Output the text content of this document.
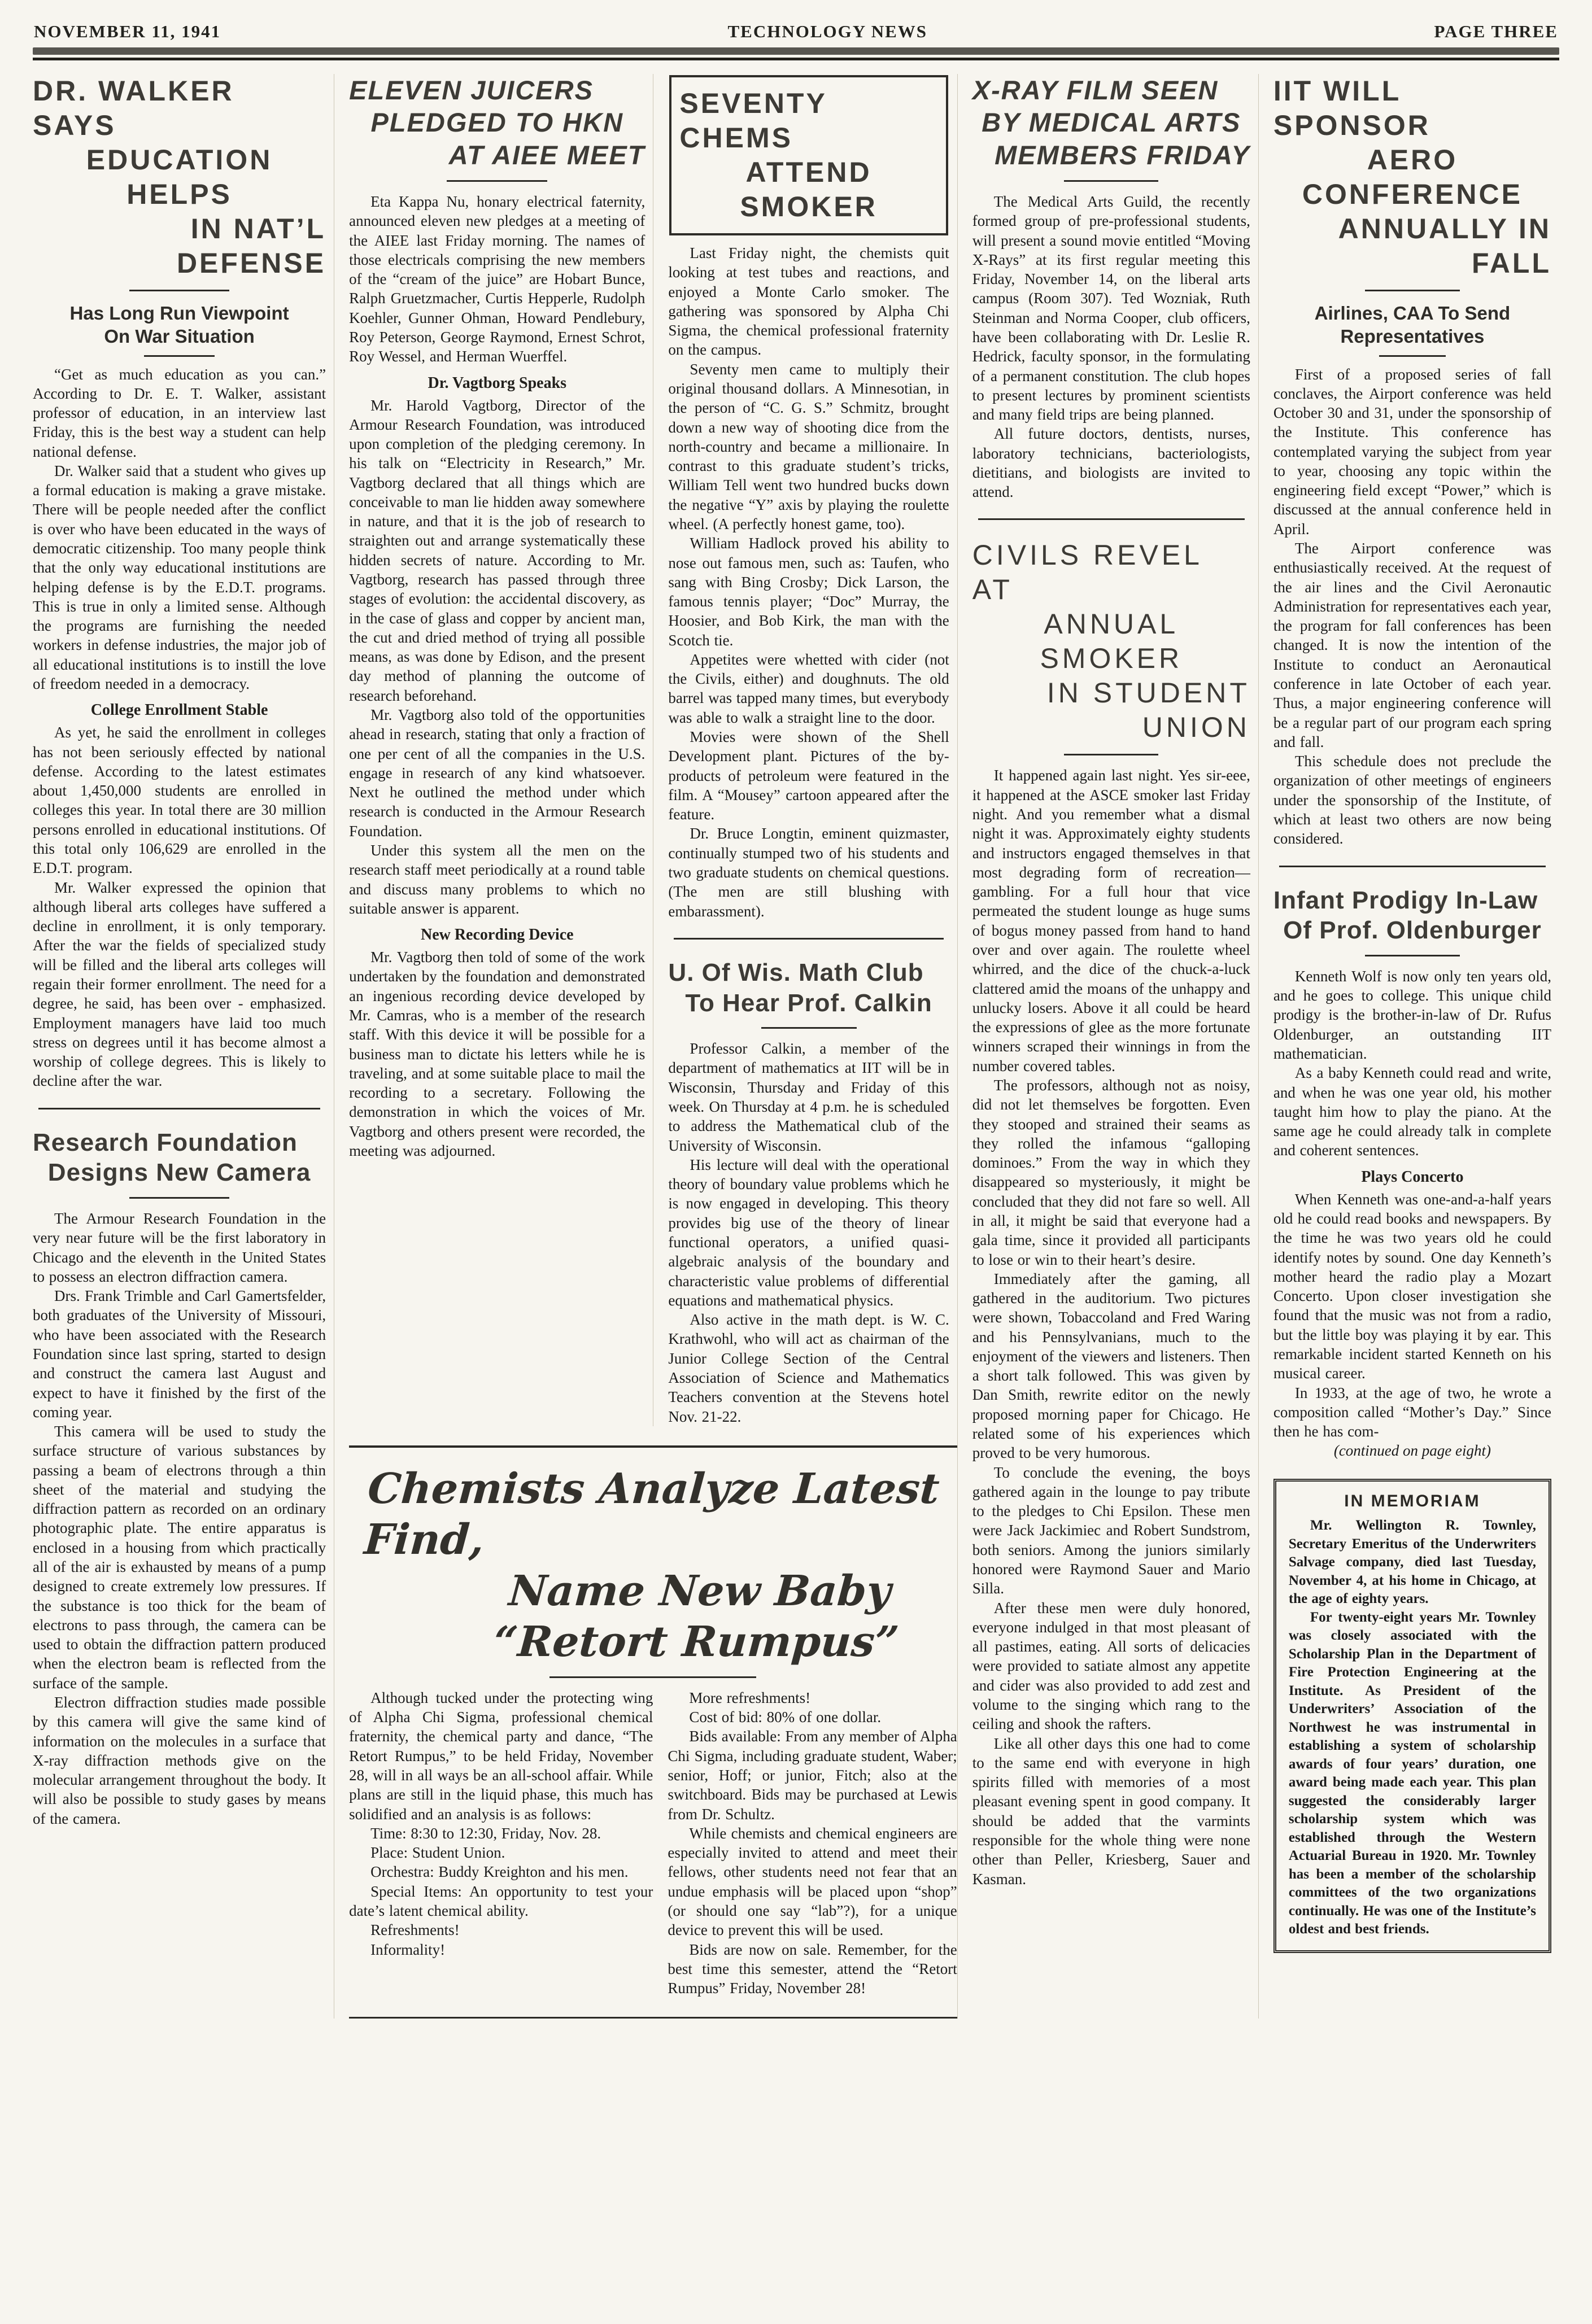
NOVEMBER 11, 1941	TECHNOLOGY NEWS	PAGE THREE
DR. WALKER SAYS
EDUCATION HELPS
IN NAT’L DEFENSE
Has Long Run Viewpoint
On War Situation

“Get as much education as you can.” According to Dr. E. T. Walker, assistant professor of education, in an interview last Friday, this is the best way a student can help national defense.

Dr. Walker said that a student who gives up a formal education is making a grave mistake. There will be people needed after the conflict is over who have been educated in the ways of democratic citizenship. Too many people think that the only way educational institutions are helping defense is by the E.D.T. programs. This is true in only a limited sense. Although the programs are furnishing the needed workers in defense industries, the major job of all educational institutions is to instill the love of freedom needed in a democracy.

College Enrollment Stable

As yet, he said the enrollment in colleges has not been seriously effected by national defense. According to the latest estimates about 1,450,000 students are enrolled in colleges this year. In total there are 30 million persons enrolled in educational institutions. Of this total only 106,629 are enrolled in the E.D.T. program.

Mr. Walker expressed the opinion that although liberal arts colleges have suffered a decline in enrollment, it is only temporary. After the war the fields of specialized study will be filled and the liberal arts colleges will regain their former enrollment. The need for a degree, he said, has been over - emphasized. Employment managers have laid too much stress on degrees until it has become almost a worship of college degrees. This is likely to decline after the war.

Research Foundation
Designs New Camera

The Armour Research Foundation in the very near future will be the first laboratory in Chicago and the eleventh in the United States to possess an electron diffraction camera.

Drs. Frank Trimble and Carl Gamertsfelder, both graduates of the University of Missouri, who have been associated with the Research Foundation since last spring, started to design and construct the camera last August and expect to have it finished by the first of the coming year.

This camera will be used to study the surface structure of various substances by passing a beam of electrons through a thin sheet of the material and studying the diffraction pattern as recorded on an ordinary photographic plate. The entire apparatus is enclosed in a housing from which practically all of the air is exhausted by means of a pump designed to create extremely low pressures. If the substance is too thick for the beam of electrons to pass through, the camera can be used to obtain the diffraction pattern produced when the electron beam is reflected from the surface of the sample.

Electron diffraction studies made possible by this camera will give the same kind of information on the molecules in a surface that X-ray diffraction methods give on the molecular arrangement throughout the body. It will also be possible to study gases by means of the camera.

ELEVEN JUICERS
PLEDGED TO HKN
AT AIEE MEET

Eta Kappa Nu, honary electrical faternity, announced eleven new pledges at a meeting of the AIEE last Friday morning. The names of those electricals comprising the new members of the “cream of the juice” are Hobart Bunce, Ralph Gruetzmacher, Curtis Hepperle, Rudolph Koehler, Gunner Ohman, Howard Pendlebury, Roy Peterson, George Raymond, Ernest Schrot, Roy Wessel, and Herman Wuerffel.

Dr. Vagtborg Speaks

Mr. Harold Vagtborg, Director of the Armour Research Foundation, was introduced upon completion of the pledging ceremony. In his talk on “Electricity in Research,” Mr. Vagtborg declared that all things which are conceivable to man lie hidden away somewhere in nature, and that it is the job of research to straighten out and arrange systematically these hidden secrets of nature. According to Mr. Vagtborg, research has passed through three stages of evolution: the accidental discovery, as in the case of glass and copper by ancient man, the cut and dried method of trying all possible means, as was done by Edison, and the present day method of planning the outcome of research beforehand.

Mr. Vagtborg also told of the opportunities ahead in research, stating that only a fraction of one per cent of all the companies in the U.S. engage in research of any kind whatsoever. Next he outlined the method under which research is conducted in the Armour Research Foundation.

Under this system all the men on the research staff meet periodically at a round table and discuss many problems to which no suitable answer is apparent.

New Recording Device

Mr. Vagtborg then told of some of the work undertaken by the foundation and demonstrated an ingenious recording device developed by Mr. Camras, who is a member of the research staff. With this device it will be possible for a business man to dictate his letters while he is traveling, and at some suitable place to mail the recording to a secretary. Following the demonstration in which the voices of Mr. Vagtborg and others present were recorded, the meeting was adjourned.

SEVENTY CHEMS
ATTEND SMOKER

Last Friday night, the chemists quit looking at test tubes and reactions, and enjoyed a Monte Carlo smoker. The gathering was sponsored by Alpha Chi Sigma, the chemical professional fraternity on the campus.

Seventy men came to multiply their original thousand dollars. A Minnesotian, in the person of “C. G. S.” Schmitz, brought down a new way of shooting dice from the north-country and became a millionaire. In contrast to this graduate student’s tricks, William Tell went two hundred bucks down the negative “Y” axis by playing the roulette wheel. (A perfectly honest game, too).

William Hadlock proved his ability to nose out famous men, such as: Taufen, who sang with Bing Crosby; Dick Larson, the famous tennis player; “Doc” Murray, the Hoosier, and Bob Kirk, the man with the Scotch tie.

Appetites were whetted with cider (not the Civils, either) and doughnuts. The old barrel was tapped many times, but everybody was able to walk a straight line to the door.

Movies were shown of the Shell Development plant. Pictures of the by-products of petroleum were featured in the film. A “Mousey” cartoon appeared after the feature.

Dr. Bruce Longtin, eminent quizmaster, continually stumped two of his students and two graduate students on chemical questions. (The men are still blushing with embarassment).

U. Of Wis. Math Club
To Hear Prof. Calkin

Professor Calkin, a member of the department of mathematics at IIT will be in Wisconsin, Thursday and Friday of this week. On Thursday at 4 p.m. he is scheduled to address the Mathematical club of the University of Wisconsin.

His lecture will deal with the operational theory of boundary value problems which he is now engaged in developing. This theory provides big use of the theory of linear functional operators, a unified quasi-algebraic analysis of the boundary and characteristic value problems of differential equations and mathematical physics.

Also active in the math dept. is W. C. Krathwohl, who will act as chairman of the Junior College Section of the Central Association of Science and Mathematics Teachers convention at the Stevens hotel Nov. 21-22.

Chemists Analyze Latest Find,
Name New Baby “Retort Rumpus”

Although tucked under the protecting wing of Alpha Chi Sigma, professional chemical fraternity, the chemical party and dance, “The Retort Rumpus,” to be held Friday, November 28, will in all ways be an all-school affair. While plans are still in the liquid phase, this much has solidified and an analysis is as follows:

Time: 8:30 to 12:30, Friday, Nov. 28.

Place: Student Union.

Orchestra: Buddy Kreighton and his men.

Special Items: An opportunity to test your date’s latent chemical ability.

Refreshments!

Informality!

More refreshments!

Cost of bid: 80% of one dollar.

Bids available: From any member of Alpha Chi Sigma, including graduate student, Waber; senior, Hoff; or junior, Fitch; also at the switchboard. Bids may be purchased at Lewis from Dr. Schultz.

While chemists and chemical engineers are especially invited to attend and meet their fellows, other students need not fear that an undue emphasis will be placed upon “shop” (or should one say “lab”?), for a unique device to prevent this will be used.

Bids are now on sale. Remember, for the best time this semester, attend the “Retort Rumpus” Friday, November 28!

X-RAY FILM SEEN
BY MEDICAL ARTS
MEMBERS FRIDAY

The Medical Arts Guild, the recently formed group of pre-professional students, will present a sound movie entitled “Moving X-Rays” at its first regular meeting this Friday, November 14, on the liberal arts campus (Room 307). Ted Wozniak, Ruth Steinman and Norma Cooper, club officers, have been collaborating with Dr. Leslie R. Hedrick, faculty sponsor, in the formulating of a permanent constitution. The club hopes to present lectures by prominent scientists and many field trips are being planned.

All future doctors, dentists, nurses, laboratory technicians, bacteriologists, dietitians, and biologists are invited to attend.

CIVILS REVEL AT
ANNUAL SMOKER
IN STUDENT UNION

It happened again last night. Yes sir-eee, it happened at the ASCE smoker last Friday night. And you remember what a dismal night it was. Approximately eighty students and instructors engaged themselves in that most degrading form of recreation—gambling. For a full hour that vice permeated the student lounge as huge sums of bogus money passed from hand to hand over and over again. The roulette wheel whirred, and the dice of the chuck-a-luck clattered amid the moans of the unhappy and unlucky losers. Above it all could be heard the expressions of glee as the more fortunate winners scraped their winnings in from the number covered tables.

The professors, although not as noisy, did not let themselves be forgotten. Even they stooped and strained their seams as they rolled the infamous “galloping dominoes.” From the way in which they disappeared so mysteriously, it might be concluded that they did not fare so well. All in all, it might be said that everyone had a gala time, since it provided all participants to lose or win to their heart’s desire.

Immediately after the gaming, all gathered in the auditorium. Two pictures were shown, Tobaccoland and Fred Waring and his Pennsylvanians, much to the enjoyment of the viewers and listeners. Then a short talk followed. This was given by Dan Smith, rewrite editor on the newly proposed morning paper for Chicago. He related some of his experiences which proved to be very humorous.

To conclude the evening, the boys gathered again in the lounge to pay tribute to the pledges to Chi Epsilon. These men were Jack Jackimiec and Robert Sundstrom, both seniors. Among the juniors similarly honored were Raymond Sauer and Mario Silla.

After these men were duly honored, everyone indulged in that most pleasant of all pastimes, eating. All sorts of delicacies were provided to satiate almost any appetite and cider was also provided to add zest and volume to the singing which rang to the ceiling and shook the rafters.

Like all other days this one had to come to the same end with everyone in high spirits filled with memories of a most pleasant evening spent in good company. It should be added that the varmints responsible for the whole thing were none other than Peller, Kriesberg, Sauer and Kasman.

IIT WILL SPONSOR
AERO CONFERENCE
ANNUALLY IN FALL
Airlines, CAA To Send
Representatives

First of a proposed series of fall conclaves, the Airport conference was held October 30 and 31, under the sponsorship of the Institute. This conference has contemplated varying the subject from year to year, choosing any topic within the engineering field except “Power,” which is discussed at the annual conference held in April.

The Airport conference was enthusiastically received. At the request of the air lines and the Civil Aeronautic Administration for representatives each year, the program for fall conferences has been changed. It is now the intention of the Institute to conduct an Aeronautical conference in late October of each year. Thus, a major engineering conference will be a regular part of our program each spring and fall.

This schedule does not preclude the organization of other meetings of engineers under the sponsorship of the Institute, of which at least two others are now being considered.

Infant Prodigy In-Law
Of Prof. Oldenburger

Kenneth Wolf is now only ten years old, and he goes to college. This unique child prodigy is the brother-in-law of Dr. Rufus Oldenburger, an outstanding IIT mathematician.

As a baby Kenneth could read and write, and when he was one year old, his mother taught him how to play the piano. At the same age he could already talk in complete and coherent sentences.

Plays Concerto

When Kenneth was one-and-a-half years old he could read books and newspapers. By the time he was two years old he could identify notes by sound. One day Kenneth’s mother heard the radio play a Mozart Concerto. Upon closer investigation she found that the music was not from a radio, but the little boy was playing it by ear. This remarkable incident started Kenneth on his musical career.

In 1933, at the age of two, he wrote a composition called “Mother’s Day.” Since then he has com-

(continued on page eight)

IN MEMORIAM

Mr. Wellington R. Townley, Secretary Emeritus of the Underwriters Salvage company, died last Tuesday, November 4, at his home in Chicago, at the age of eighty years.

For twenty-eight years Mr. Townley was closely associated with the Scholarship Plan in the Department of Fire Protection Engineering at the Institute. As President of the Underwriters’ Association of the Northwest he was instrumental in establishing a system of scholarship awards of four years’ duration, one award being made each year. This plan suggested the considerably larger scholarship system which was established through the Western Actuarial Bureau in 1920. Mr. Townley has been a member of the scholarship committees of the two organizations continually. He was one of the Institute’s oldest and best friends.
